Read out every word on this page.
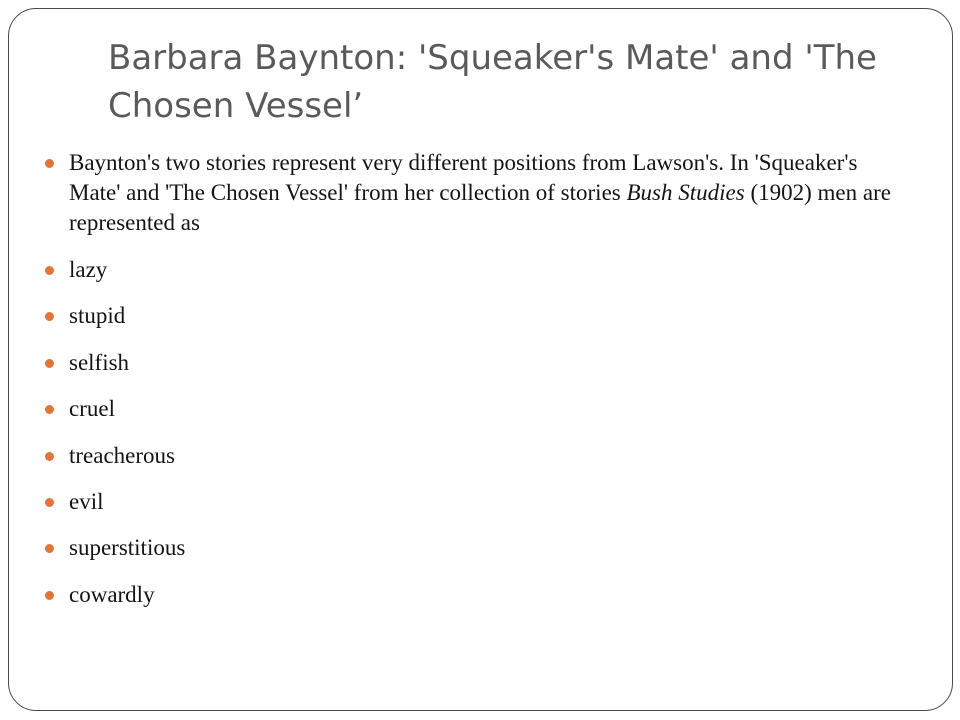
Barbara Baynton: 'Squeaker's Mate' and 'The Chosen Vessel’
Baynton's two stories represent very different positions from Lawson's. In 'Squeaker's Mate' and 'The Chosen Vessel' from her collection of stories Bush Studies (1902) men are represented as
lazy
stupid
selfish
cruel
treacherous
evil
superstitious
cowardly
